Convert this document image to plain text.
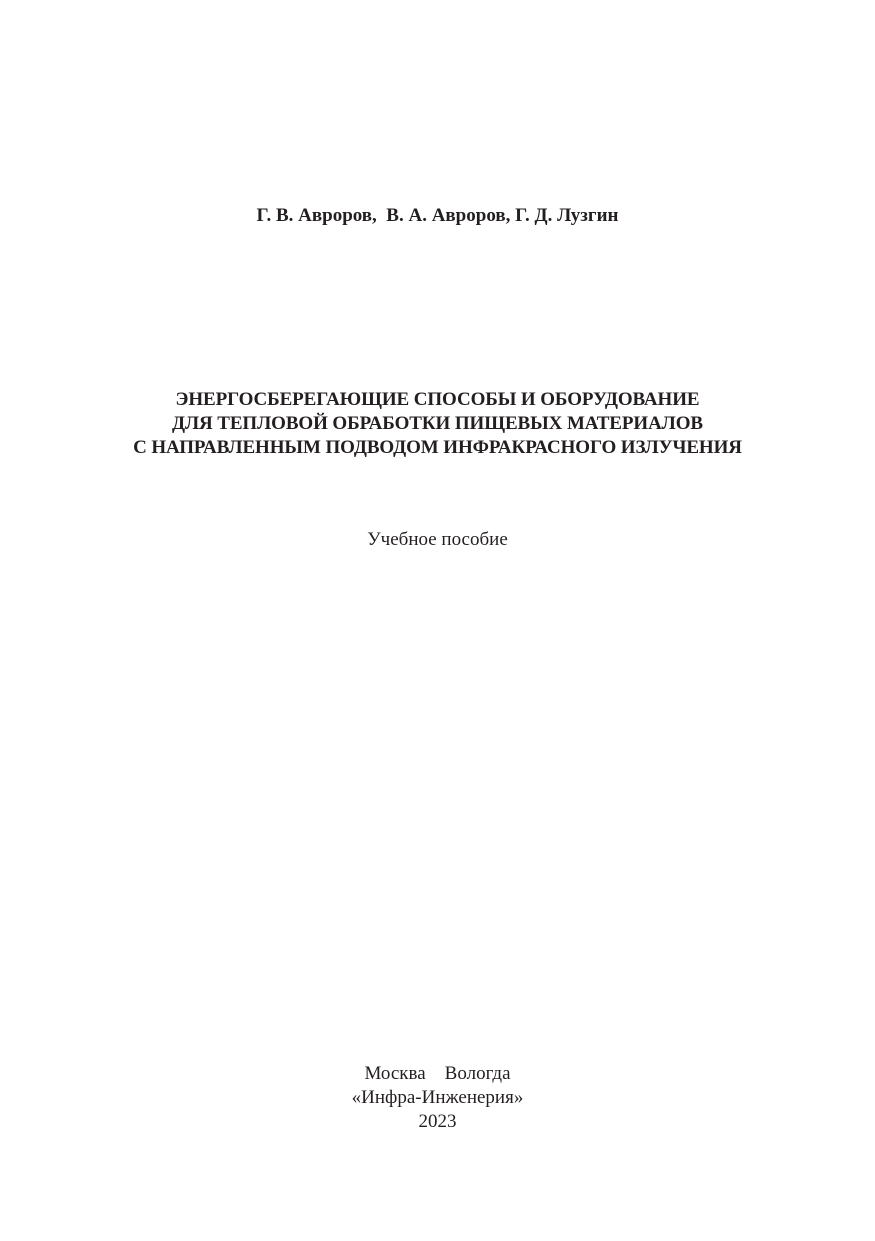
Г. В. Авроров,  В. А. Авроров, Г. Д. Лузгин
ЭНЕРГОСБЕРЕГАЮЩИЕ СПОСОБЫ И ОБОРУДОВАНИЕ
ДЛЯ ТЕПЛОВОЙ ОБРАБОТКИ ПИЩЕВЫХ МАТЕРИАЛОВ
С НАПРАВЛЕННЫМ ПОДВОДОМ ИНФРАКРАСНОГО ИЗЛУЧЕНИЯ
Учебное пособие
Москва    Вологда
«Инфра-Инженерия»
2023
